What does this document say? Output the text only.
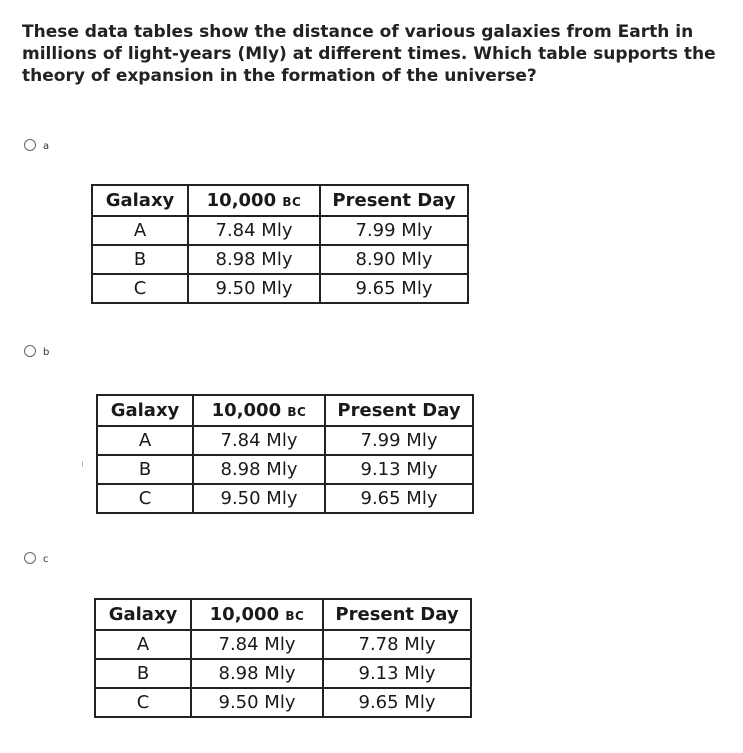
These data tables show the distance of various galaxies from Earth in millions of light-years (Mly) at different times. Which table supports the theory of expansion in the formation of the universe?

a
Galaxy	10,000 BC	Present Day
A	7.84 Mly	7.99 Mly
B	8.98 Mly	8.90 Mly
C	9.50 Mly	9.65 Mly
b
Galaxy	10,000 BC	Present Day
A	7.84 Mly	7.99 Mly
B	8.98 Mly	9.13 Mly
C	9.50 Mly	9.65 Mly
c
Galaxy	10,000 BC	Present Day
A	7.84 Mly	7.78 Mly
B	8.98 Mly	9.13 Mly
C	9.50 Mly	9.65 Mly
